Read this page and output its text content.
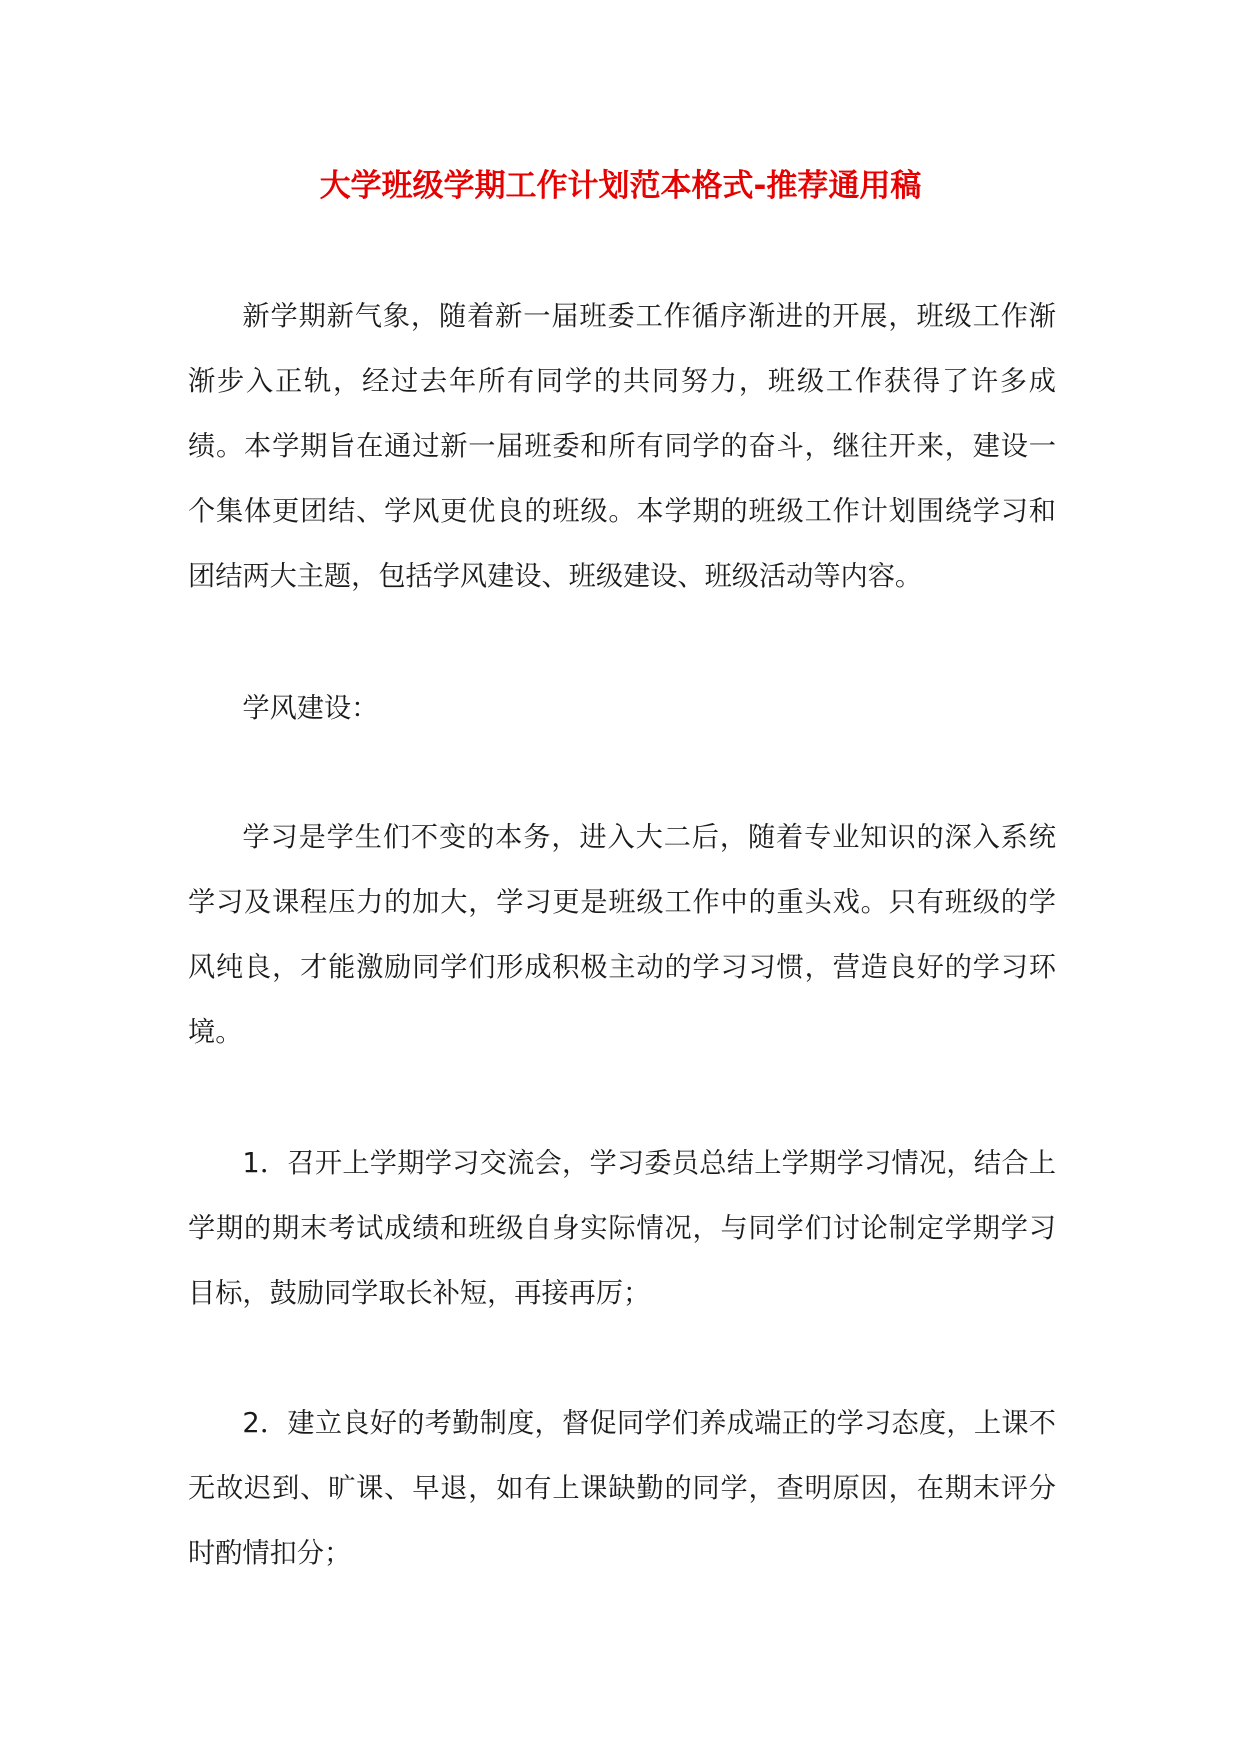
大学班级学期工作计划范本格式-推荐通用稿

新学期新气象，随着新一届班委工作循序渐进的开展，班级工作渐渐步入正轨，经过去年所有同学的共同努力，班级工作获得了许多成绩。本学期旨在通过新一届班委和所有同学的奋斗，继往开来，建设一个集体更团结、学风更优良的班级。本学期的班级工作计划围绕学习和团结两大主题，包括学风建设、班级建设、班级活动等内容。

学风建设：

学习是学生们不变的本务，进入大二后，随着专业知识的深入系统学习及课程压力的加大，学习更是班级工作中的重头戏。只有班级的学风纯良，才能激励同学们形成积极主动的学习习惯，营造良好的学习环境。

1．召开上学期学习交流会，学习委员总结上学期学习情况，结合上学期的期末考试成绩和班级自身实际情况，与同学们讨论制定学期学习目标，鼓励同学取长补短，再接再厉；

2．建立良好的考勤制度，督促同学们养成端正的学习态度，上课不无故迟到、旷课、早退，如有上课缺勤的同学，查明原因，在期末评分时酌情扣分；
